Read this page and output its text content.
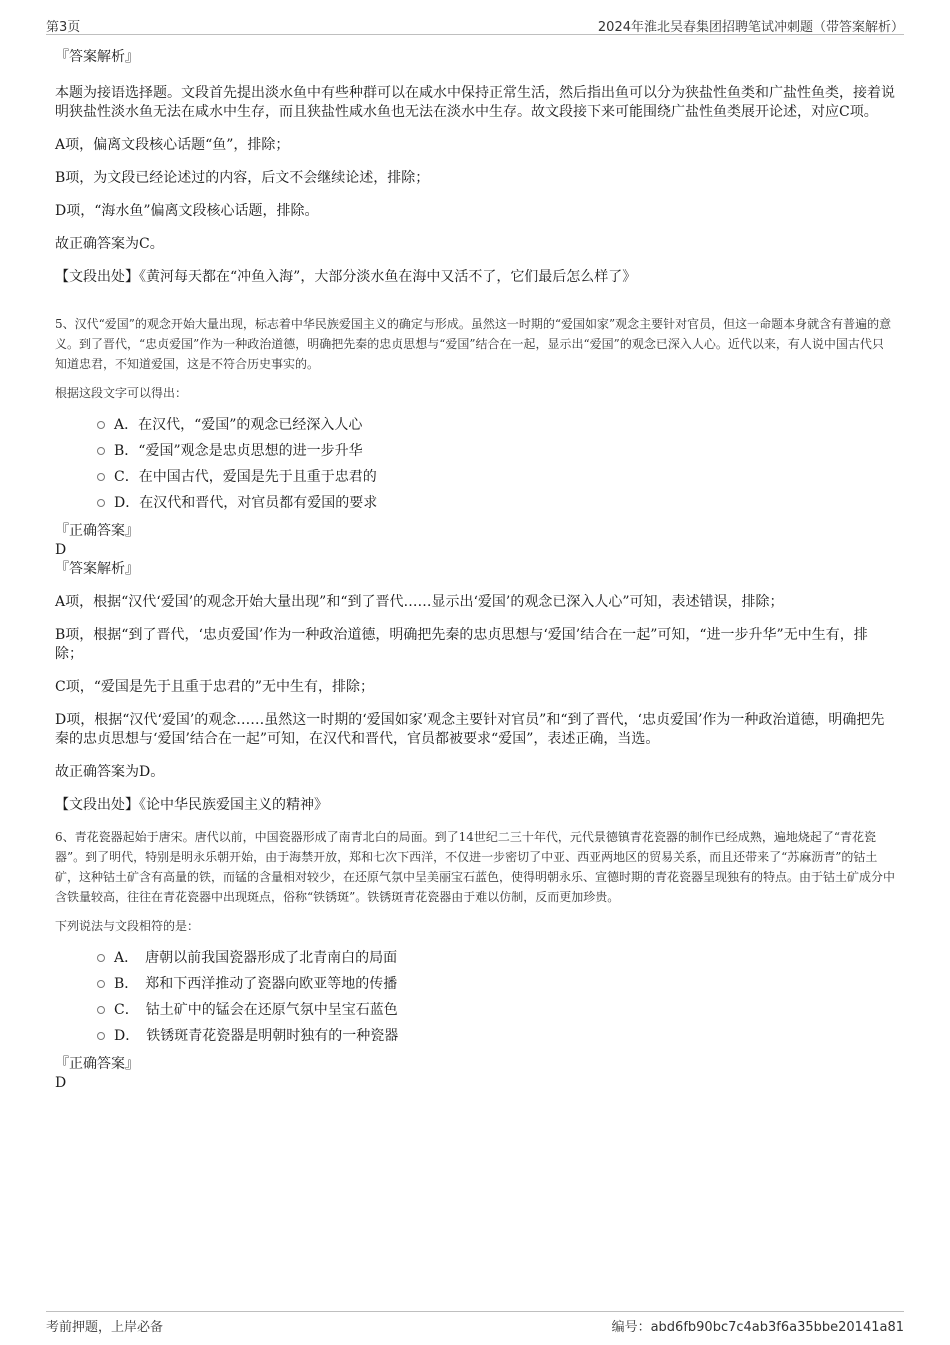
第3页	2024年淮北吴春集团招聘笔试冲刺题（带答案解析）

『答案解析』

本题为接语选择题。文段首先提出淡水鱼中有些种群可以在咸水中保持正常生活，然后指出鱼可以分为狭盐性鱼类和广盐性鱼类，接着说明狭盐性淡水鱼无法在咸水中生存，而且狭盐性咸水鱼也无法在淡水中生存。故文段接下来可能围绕广盐性鱼类展开论述，对应C项。

A项，偏离文段核心话题“鱼”，排除；

B项，为文段已经论述过的内容，后文不会继续论述，排除；

D项，“海水鱼”偏离文段核心话题，排除。

故正确答案为C。

【文段出处】《黄河每天都在“冲鱼入海”，大部分淡水鱼在海中又活不了，它们最后怎么样了》

5、汉代“爱国”的观念开始大量出现，标志着中华民族爱国主义的确定与形成。虽然这一时期的“爱国如家”观念主要针对官员，但这一命题本身就含有普遍的意义。到了晋代，“忠贞爱国”作为一种政治道德，明确把先秦的忠贞思想与“爱国”结合在一起，显示出“爱国”的观念已深入人心。近代以来，有人说中国古代只知道忠君，不知道爱国，这是不符合历史事实的。

根据这段文字可以得出：

A．在汉代，“爱国”的观念已经深入人心
B．“爱国”观念是忠贞思想的进一步升华
C．在中国古代，爱国是先于且重于忠君的
D．在汉代和晋代，对官员都有爱国的要求

『正确答案』

D

『答案解析』

A项，根据“汉代‘爱国’的观念开始大量出现”和“到了晋代……显示出‘爱国’的观念已深入人心”可知，表述错误，排除；

B项，根据“到了晋代，‘忠贞爱国’作为一种政治道德，明确把先秦的忠贞思想与‘爱国’结合在一起”可知，“进一步升华”无中生有，排除；

C项，“爱国是先于且重于忠君的”无中生有，排除；

D项，根据“汉代‘爱国’的观念……虽然这一时期的‘爱国如家’观念主要针对官员”和“到了晋代，‘忠贞爱国’作为一种政治道德，明确把先秦的忠贞思想与‘爱国’结合在一起”可知，在汉代和晋代，官员都被要求“爱国”，表述正确，当选。

故正确答案为D。

【文段出处】《论中华民族爱国主义的精神》

6、青花瓷器起始于唐宋。唐代以前，中国瓷器形成了南青北白的局面。到了14世纪二三十年代，元代景德镇青花瓷器的制作已经成熟，遍地烧起了“青花瓷器”。到了明代，特别是明永乐朝开始，由于海禁开放，郑和七次下西洋，不仅进一步密切了中亚、西亚两地区的贸易关系，而且还带来了“苏麻沥青”的钴土矿，这种钴土矿含有高量的铁，而锰的含量相对较少，在还原气氛中呈美丽宝石蓝色，使得明朝永乐、宣德时期的青花瓷器呈现独有的特点。由于钴土矿成分中含铁量较高，往往在青花瓷器中出现斑点，俗称“铁锈斑”。铁锈斑青花瓷器由于难以仿制，反而更加珍贵。

下列说法与文段相符的是：

A．　唐朝以前我国瓷器形成了北青南白的局面
B．　郑和下西洋推动了瓷器向欧亚等地的传播
C．　钴土矿中的锰会在还原气氛中呈宝石蓝色
D．　铁锈斑青花瓷器是明朝时独有的一种瓷器

『正确答案』

D

考前押题，上岸必备	编号：abd6fb90bc7c4ab3f6a35bbe20141a81
